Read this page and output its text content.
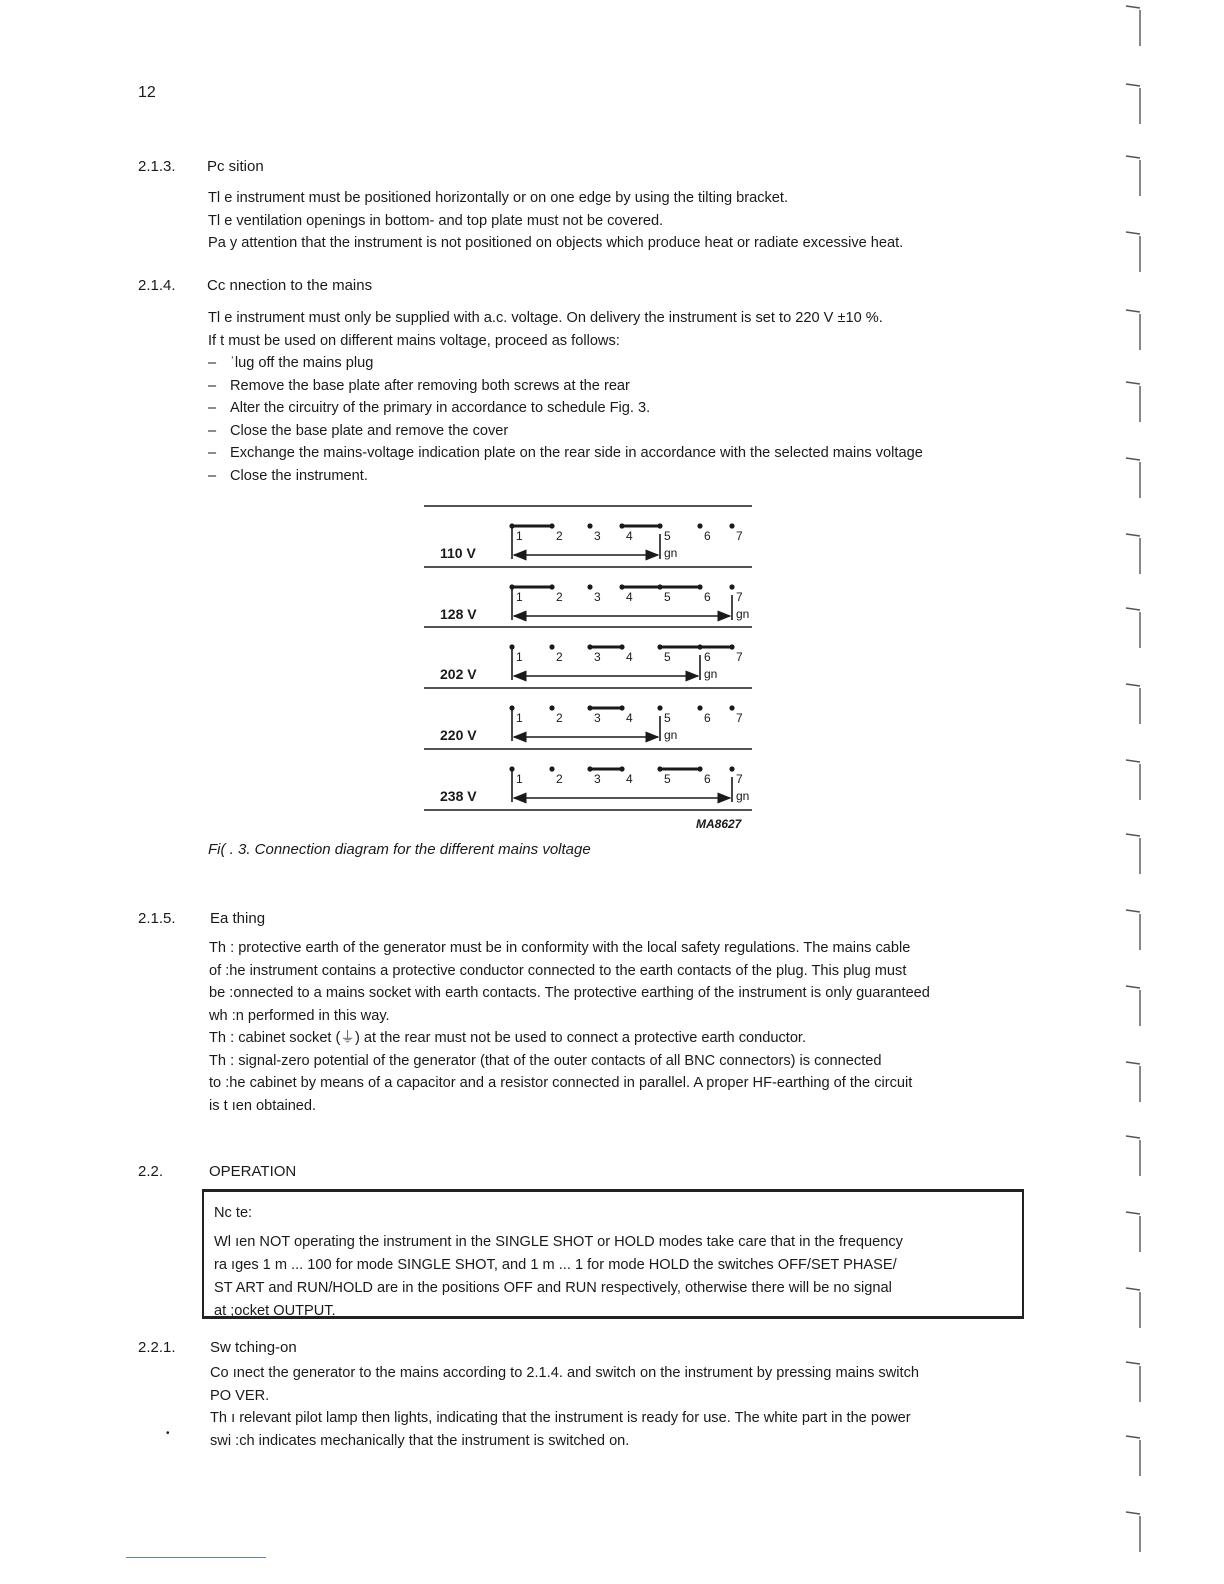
12
2.1.3. Pc sition
Tl e instrument must be positioned horizontally or on one edge by using the tilting bracket.
Tl e ventilation openings in bottom- and top plate must not be covered.
Pa y attention that the instrument is not positioned on objects which produce heat or radiate excessive heat.
2.1.4. Cc nnection to the mains
Tl e instrument must only be supplied with a.c. voltage. On delivery the instrument is set to 220 V ±10 %.
If t must be used on different mains voltage, proceed as follows:
– ʾlug off the mains plug
– Remove the base plate after removing both screws at the rear
– Alter the circuitry of the primary in accordance to schedule Fig. 3.
– Close the base plate and remove the cover
– Exchange the mains-voltage indication plate on the rear side in accordance with the selected mains voltage
– Close the instrument.
110 V
1	2	3 4	5	6 7
gn
128 V
1	2	3 4	5	6 7
gn
202 V
1	2	3 4	5	6 7
gn
220 V
1	2	3 4	5	6 7
gn
238 V
1	2	3 4	5	6 7
gn
MA8627
Fi( . 3. Connection diagram for the different mains voltage
2.1.5. Ea thing
Th : protective earth of the generator must be in conformity with the local safety regulations. The mains cable
of :he instrument contains a protective conductor connected to the earth contacts of the plug. This plug must
be :onnected to a mains socket with earth contacts. The protective earthing of the instrument is only guaranteed
wh :n performed in this way.
Th : cabinet socket (⏚) at the rear must not be used to connect a protective earth conductor.
Th : signal-zero potential of the generator (that of the outer contacts of all BNC connectors) is connected
to :he cabinet by means of a capacitor and a resistor connected in parallel. A proper HF-earthing of the circuit
is t ıen obtained.
2.2.	OPERATION
Nc te:
Wl ıen NOT operating the instrument in the SINGLE SHOT or HOLD modes take care that in the frequency
ra ıges 1 m ... 100 for mode SINGLE SHOT, and 1 m ... 1 for mode HOLD the switches OFF/SET PHASE/
ST ART and RUN/HOLD are in the positions OFF and RUN respectively, otherwise there will be no signal
at ;ocket OUTPUT.
2.2.1. Sw tching-on
Co ınect the generator to the mains according to 2.1.4. and switch on the instrument by pressing mains switch
PO VER.
Th ı relevant pilot lamp then lights, indicating that the instrument is ready for use. The white part in the power
swi :ch indicates mechanically that the instrument is switched on.
•
